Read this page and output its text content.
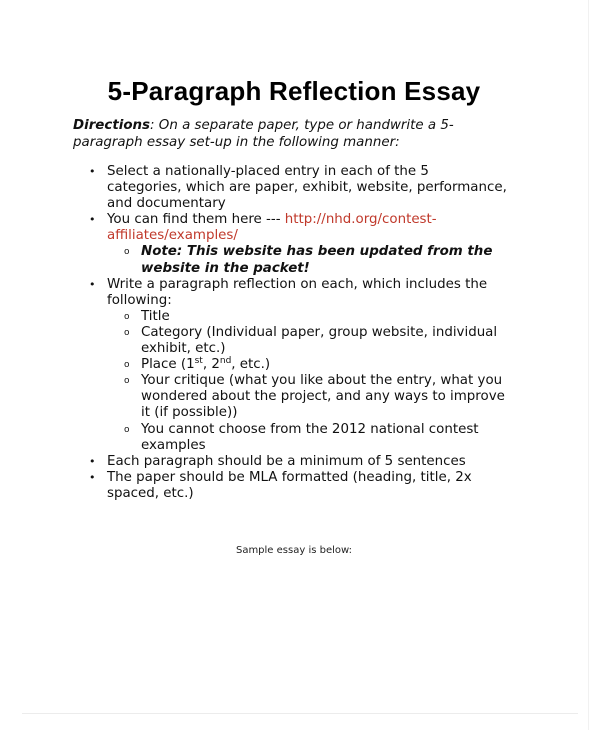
5-Paragraph Reflection Essay
Directions: On a separate paper, type or handwrite a 5-paragraph essay set-up in the following manner:
• Select a nationally-placed entry in each of the 5 categories, which are paper, exhibit, website, performance, and documentary
• You can find them here --- http://nhd.org/contest-affiliates/examples/
o Note: This website has been updated from the website in the packet!
• Write a paragraph reflection on each, which includes the following:
o Title
o Category (Individual paper, group website, individual exhibit, etc.)
o Place (1st, 2nd, etc.)
o Your critique (what you like about the entry, what you wondered about the project, and any ways to improve it (if possible))
o You cannot choose from the 2012 national contest examples
• Each paragraph should be a minimum of 5 sentences
• The paper should be MLA formatted (heading, title, 2x spaced, etc.)
Sample essay is below:
